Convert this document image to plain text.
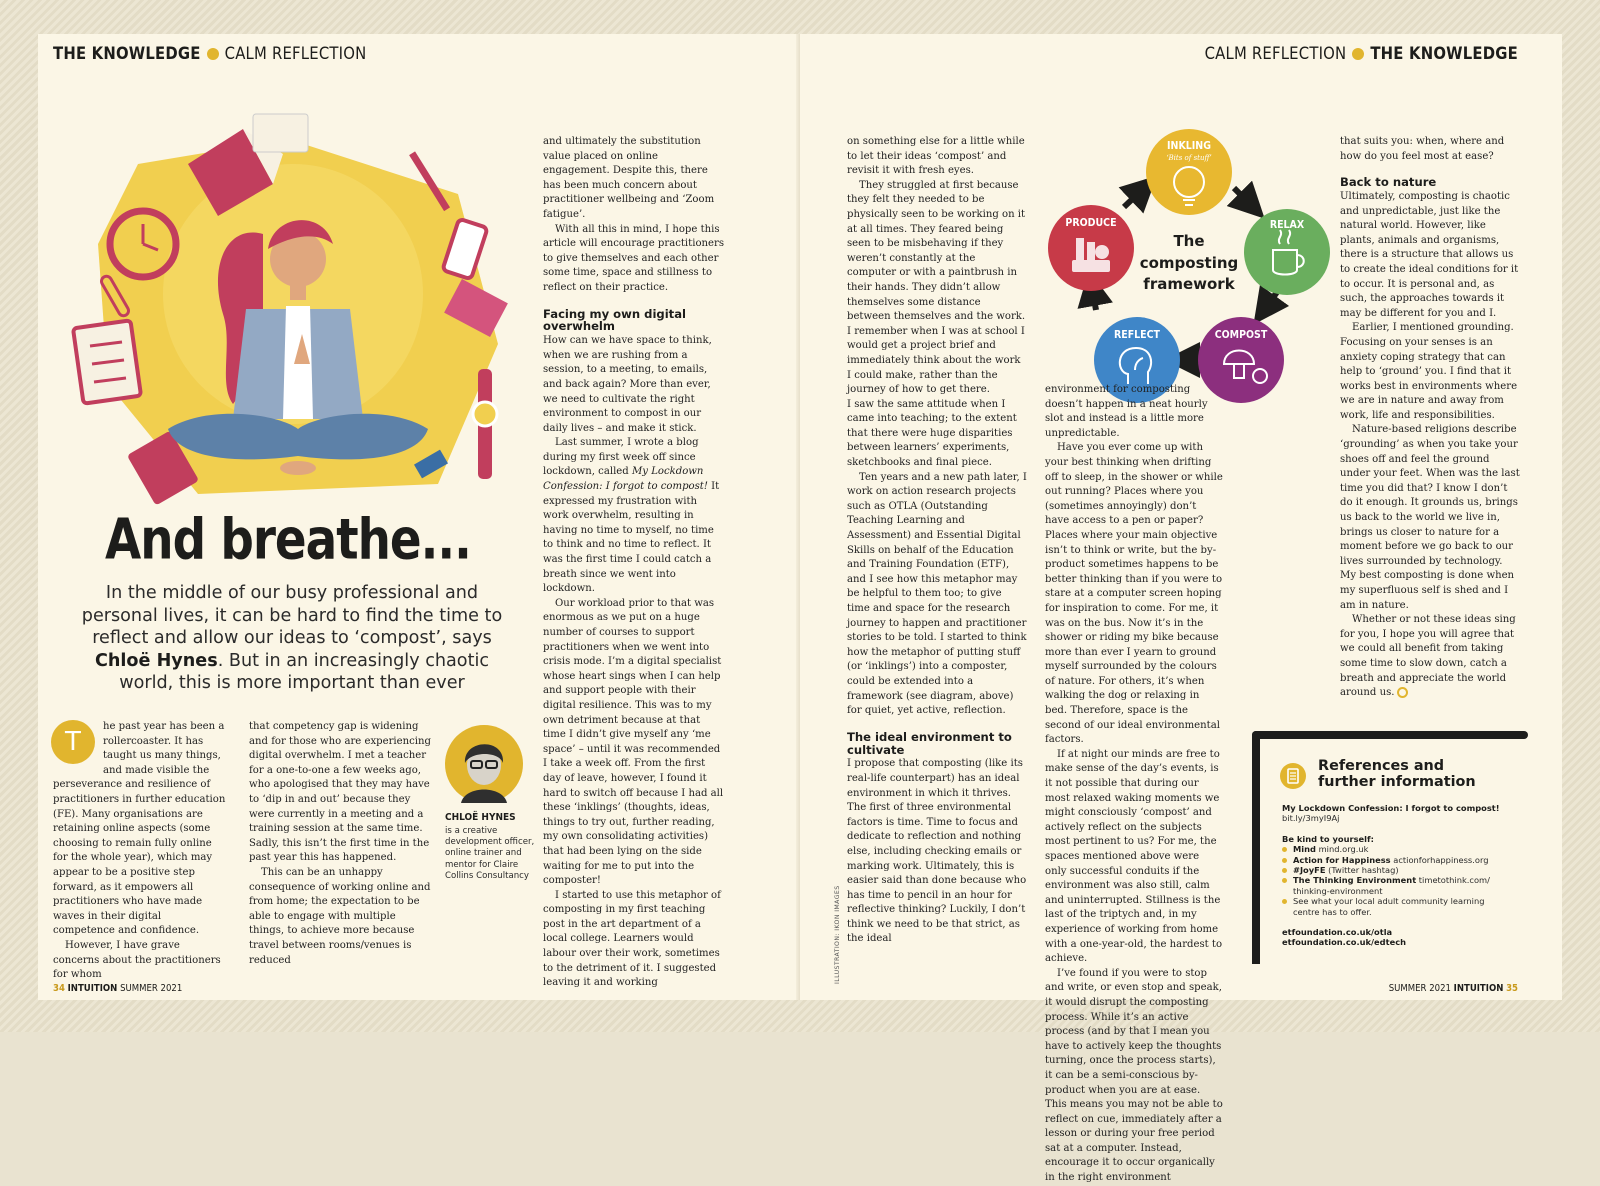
THE KNOWLEDGE CALM REFLECTION
And breathe...
In the middle of our busy professional and personal lives, it can be hard to find the time to reflect and allow our ideas to ‘compost’, says Chloë Hynes. But in an increasingly chaotic world, this is more important than ever

T
he past year has been a rollercoaster. It has taught us many things, and made visible the perseverance and resilience of practitioners in further education (FE). Many organisations are retaining online aspects (some choosing to remain fully online for the whole year), which may appear to be a positive step forward, as it empowers all practitioners who have made waves in their digital competence and confidence.

However, I have grave concerns about the practitioners for whom

that competency gap is widening and for those who are experiencing digital overwhelm. I met a teacher for a one-to-one a few weeks ago, who apologised that they may have to ‘dip in and out’ because they were currently in a meeting and a training session at the same time. Sadly, this isn’t the first time in the past year this has happened.

This can be an unhappy consequence of working online and from home; the expectation to be able to engage with multiple things, to achieve more because travel between rooms/venues is reduced

CHLOË HYNES
is a creative development officer, online trainer and mentor for Claire Collins Consultancy

and ultimately the substitution value placed on online engagement. Despite this, there has been much concern about practitioner wellbeing and ‘Zoom fatigue’.

With all this in mind, I hope this article will encourage practitioners to give themselves and each other some time, space and stillness to reflect on their practice.

Facing my own digital overwhelm

How can we have space to think, when we are rushing from a session, to a meeting, to emails, and back again? More than ever, we need to cultivate the right environment to compost in our daily lives – and make it stick.

Last summer, I wrote a blog during my first week off since lockdown, called My Lockdown Confession: I forgot to compost! It expressed my frustration with work overwhelm, resulting in having no time to myself, no time to think and no time to reflect. It was the first time I could catch a breath since we went into lockdown.

Our workload prior to that was enormous as we put on a huge number of courses to support practitioners when we went into crisis mode. I’m a digital specialist whose heart sings when I can help and support people with their digital resilience. This was to my own detriment because at that time I didn’t give myself any ‘me space’ – until it was recommended I take a week off. From the first day of leave, however, I found it hard to switch off because I had all these ‘inklings’ (thoughts, ideas, things to try out, further reading, my own consolidating activities) that had been lying on the side waiting for me to put into the composter!

I started to use this metaphor of composting in my first teaching post in the art department of a local college. Learners would labour over their work, sometimes to the detriment of it. I suggested leaving it and working

34 INTUITION SUMMER 2021
CALM REFLECTION THE KNOWLEDGE

on something else for a little while to let their ideas ‘compost’ and revisit it with fresh eyes.

They struggled at first because they felt they needed to be physically seen to be working on it at all times. They feared being seen to be misbehaving if they weren’t constantly at the computer or with a paintbrush in their hands. They didn’t allow themselves some distance between themselves and the work. I remember when I was at school I would get a project brief and immediately think about the work I could make, rather than the journey of how to get there.

I saw the same attitude when I came into teaching; to the extent that there were huge disparities between learners’ experiments, sketchbooks and final piece.

Ten years and a new path later, I work on action research projects such as OTLA (Outstanding Teaching Learning and Assessment) and Essential Digital Skills on behalf of the Education and Training Foundation (ETF), and I see how this metaphor may be helpful to them too; to give time and space for the research journey to happen and practitioner stories to be told. I started to think how the metaphor of putting stuff (or ‘inklings’) into a composter, could be extended into a framework (see diagram, above) for quiet, yet active, reflection.

The ideal environment to cultivate

I propose that composting (like its real-life counterpart) has an ideal environment in which it thrives. The first of three environmental factors is time. Time to focus and dedicate to reflection and nothing else, including checking emails or marking work. Ultimately, this is easier said than done because who has time to pencil in an hour for reflective thinking? Luckily, I don’t think we need to be that strict, as the ideal

ILLUSTRATION: IKON IMAGES
INKLING
‘Bits of stuff’
RELAX
COMPOST
REFLECT
PRODUCE
The
composting
framework

environment for composting doesn’t happen in a neat hourly slot and instead is a little more unpredictable.

Have you ever come up with your best thinking when drifting off to sleep, in the shower or while out running? Places where you (sometimes annoyingly) don’t have access to a pen or paper? Places where your main objective isn’t to think or write, but the by-product sometimes happens to be better thinking than if you were to stare at a computer screen hoping for inspiration to come. For me, it was on the bus. Now it’s in the shower or riding my bike because more than ever I yearn to ground myself surrounded by the colours of nature. For others, it’s when walking the dog or relaxing in bed. Therefore, space is the second of our ideal environmental factors.

If at night our minds are free to make sense of the day’s events, is it not possible that during our most relaxed waking moments we might consciously ‘compost’ and actively reflect on the subjects most pertinent to us? For me, the spaces mentioned above were only successful conduits if the environment was also still, calm and uninterrupted. Stillness is the last of the triptych and, in my experience of working from home with a one-year-old, the hardest to achieve.

I’ve found if you were to stop and write, or even stop and speak, it would disrupt the composting process. While it’s an active process (and by that I mean you have to actively keep the thoughts turning, once the process starts), it can be a semi-conscious by-product when you are at ease. This means you may not be able to reflect on cue, immediately after a lesson or during your free period sat at a computer. Instead, encourage it to occur organically in the right environment

that suits you: when, where and how do you feel most at ease?

Back to nature

Ultimately, composting is chaotic and unpredictable, just like the natural world. However, like plants, animals and organisms, there is a structure that allows us to create the ideal conditions for it to occur. It is personal and, as such, the approaches towards it may be different for you and I.

Earlier, I mentioned grounding. Focusing on your senses is an anxiety coping strategy that can help to ‘ground’ you. I find that it works best in environments where we are in nature and away from work, life and responsibilities.

Nature-based religions describe ‘grounding’ as when you take your shoes off and feel the ground under your feet. When was the last time you did that? I know I don’t do it enough. It grounds us, brings us back to the world we live in, brings us closer to nature for a moment before we go back to our lives surrounded by technology. My best composting is done when my superfluous self is shed and I am in nature.

Whether or not these ideas sing for you, I hope you will agree that we could all benefit from taking some time to slow down, catch a breath and appreciate the world around us.

References and further information
My Lockdown Confession: I forgot to compost!
bit.ly/3myI9Aj
Be kind to yourself:
Mind mind.org.uk
Action for Happiness actionforhappiness.org
#JoyFE (Twitter hashtag)
The Thinking Environment timetothink.com/ thinking-environment
See what your local adult community learning centre has to offer.
etfoundation.co.uk/otla
etfoundation.co.uk/edtech
SUMMER 2021 INTUITION 35
